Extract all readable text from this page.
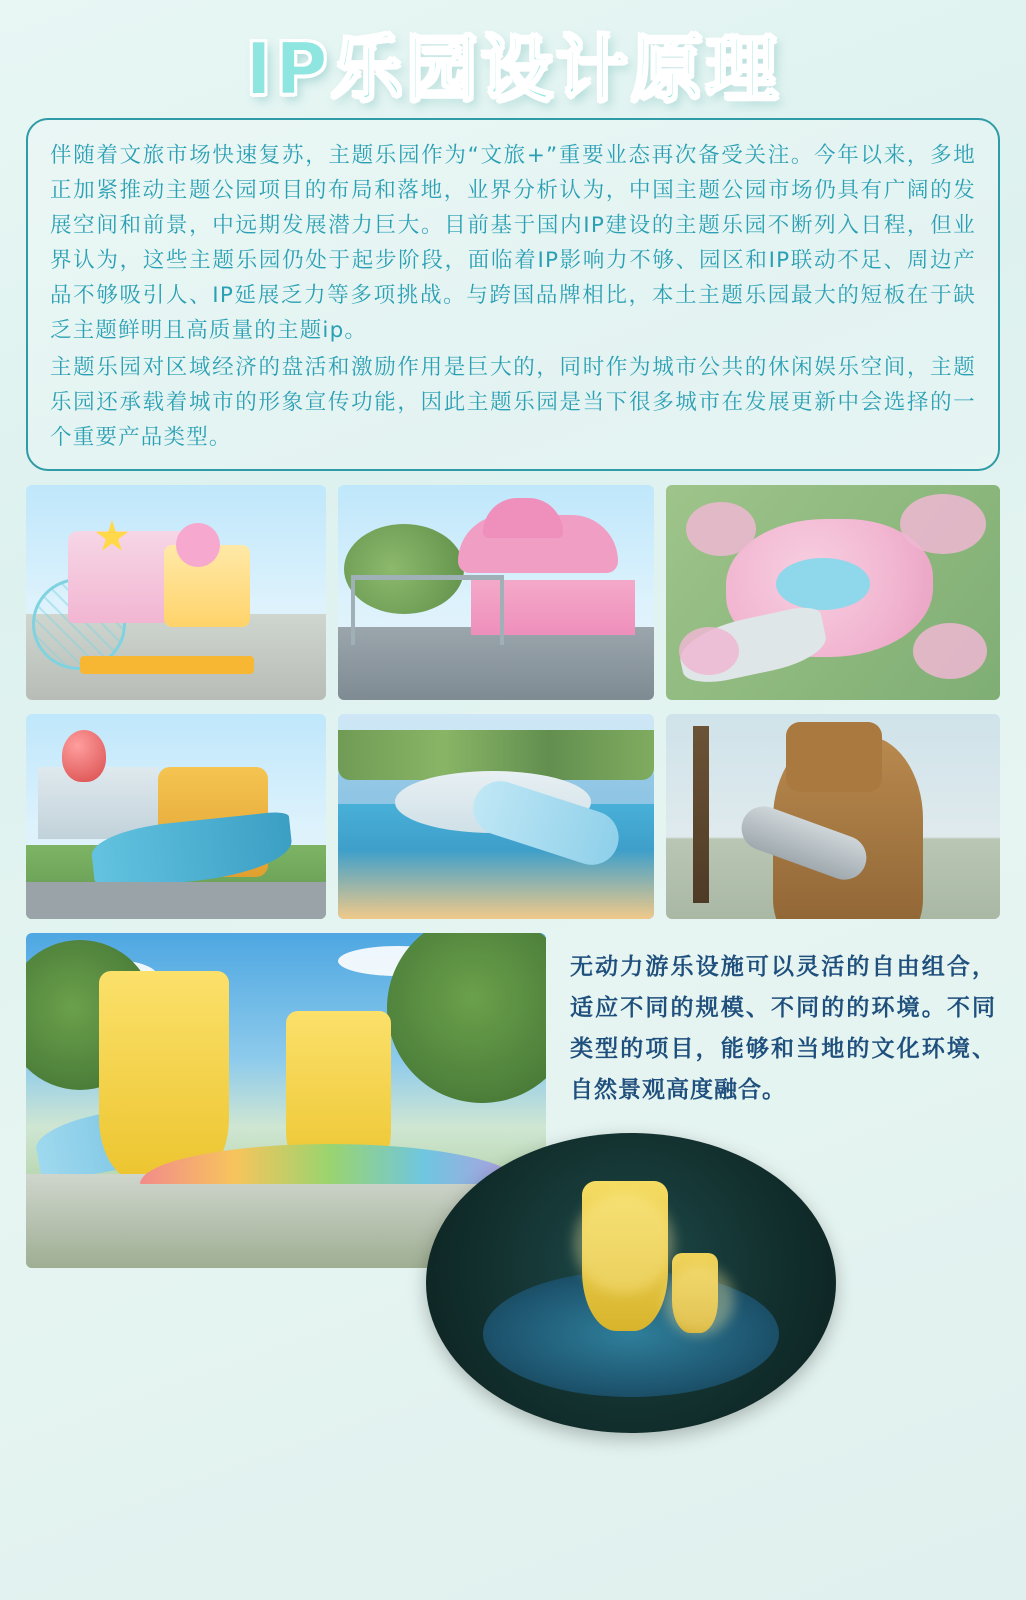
IP乐园设计原理

伴随着文旅市场快速复苏，主题乐园作为“文旅+”重要业态再次备受关注。今年以来，多地正加紧推动主题公园项目的布局和落地，业界分析认为，中国主题公园市场仍具有广阔的发展空间和前景，中远期发展潜力巨大。目前基于国内IP建设的主题乐园不断列入日程，但业界认为，这些主题乐园仍处于起步阶段，面临着IP影响力不够、园区和IP联动不足、周边产品不够吸引人、IP延展乏力等多项挑战。与跨国品牌相比，本土主题乐园最大的短板在于缺乏主题鲜明且高质量的主题ip。

主题乐园对区域经济的盘活和激励作用是巨大的，同时作为城市公共的休闲娱乐空间，主题乐园还承载着城市的形象宣传功能，因此主题乐园是当下很多城市在发展更新中会选择的一个重要产品类型。

无动力游乐设施可以灵活的自由组合，适应不同的规模、不同的的环境。不同类型的项目，能够和当地的文化环境、自然景观高度融合。
